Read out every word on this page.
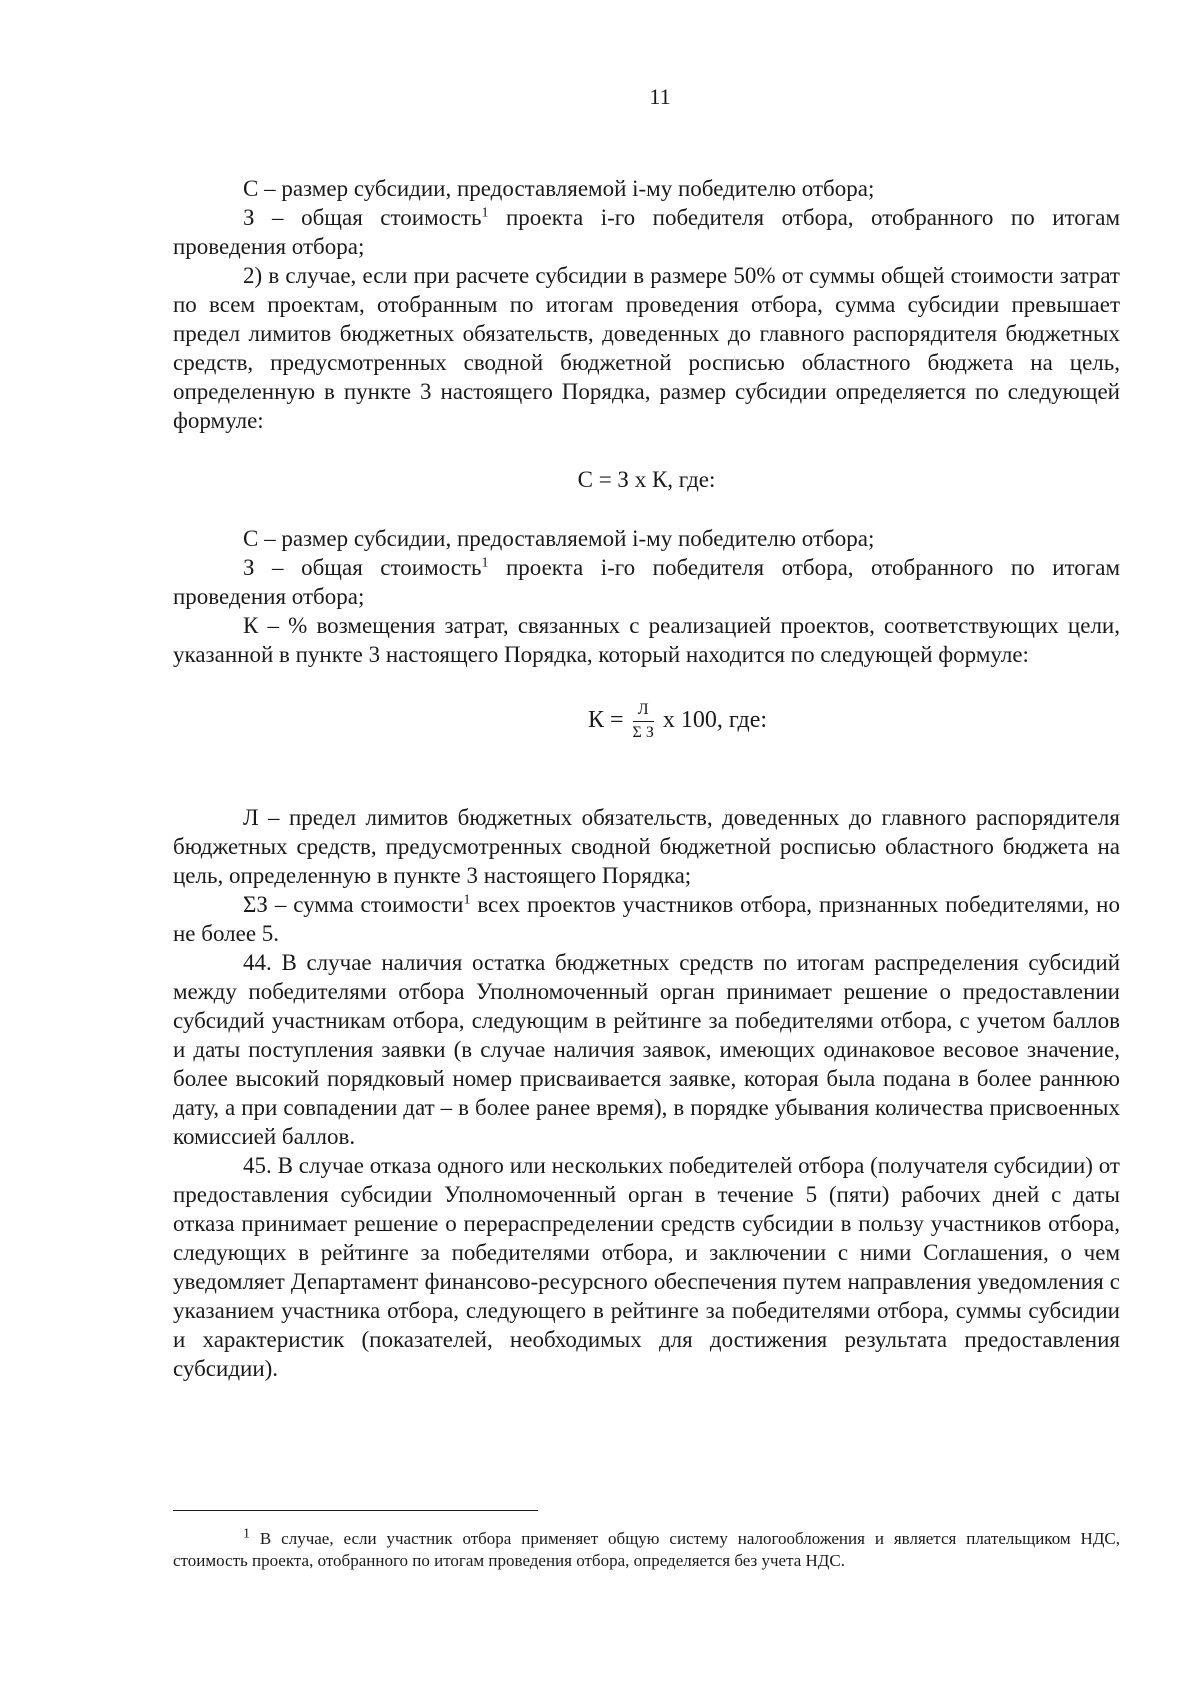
11

С – размер субсидии, предоставляемой i-му победителю отбора;

З – общая стоимость$^1$ проекта i-го победителя отбора, отобранного по итогам проведения отбора;

2) в случае, если при расчете субсидии в размере 50% от суммы общей стоимости затрат по всем проектам, отобранным по итогам проведения отбора, сумма субсидии превышает предел лимитов бюджетных обязательств, доведенных до главного распорядителя бюджетных средств, предусмотренных сводной бюджетной росписью областного бюджета на цель, определенную в пункте 3 настоящего Порядка, размер субсидии определяется по следующей формуле:

С = З х К, где:

С – размер субсидии, предоставляемой i-му победителю отбора;

З – общая стоимость$^1$ проекта i-го победителя отбора, отобранного по итогам проведения отбора;

К – % возмещения затрат, связанных с реализацией проектов, соответствующих цели, указанной в пункте 3 настоящего Порядка, который находится по следующей формуле:

$К = \frac{Л}{\text{Σ З}}$ х 100, где:

Л – предел лимитов бюджетных обязательств, доведенных до главного распорядителя бюджетных средств, предусмотренных сводной бюджетной росписью областного бюджета на цель, определенную в пункте 3 настоящего Порядка;

ΣЗ – сумма стоимости$^1$ всех проектов участников отбора, признанных победителями, но не более 5.

44. В случае наличия остатка бюджетных средств по итогам распределения субсидий между победителями отбора Уполномоченный орган принимает решение о предоставлении субсидий участникам отбора, следующим в рейтинге за победителями отбора, с учетом баллов и даты поступления заявки (в случае наличия заявок, имеющих одинаковое весовое значение, более высокий порядковый номер присваивается заявке, которая была подана в более раннюю дату, а при совпадении дат – в более ранее время), в порядке убывания количества присвоенных комиссией баллов.

45. В случае отказа одного или нескольких победителей отбора (получателя субсидии) от предоставления субсидии Уполномоченный орган в течение 5 (пяти) рабочих дней с даты отказа принимает решение о перераспределении средств субсидии в пользу участников отбора, следующих в рейтинге за победителями отбора, и заключении с ними Соглашения, о чем уведомляет Департамент финансово-ресурсного обеспечения путем направления уведомления с указанием участника отбора, следующего в рейтинге за победителями отбора, суммы субсидии и характеристик (показателей, необходимых для достижения результата предоставления субсидии).

$^1$ В случае, если участник отбора применяет общую систему налогообложения и является плательщиком НДС, стоимость проекта, отобранного по итогам проведения отбора, определяется без учета НДС.
